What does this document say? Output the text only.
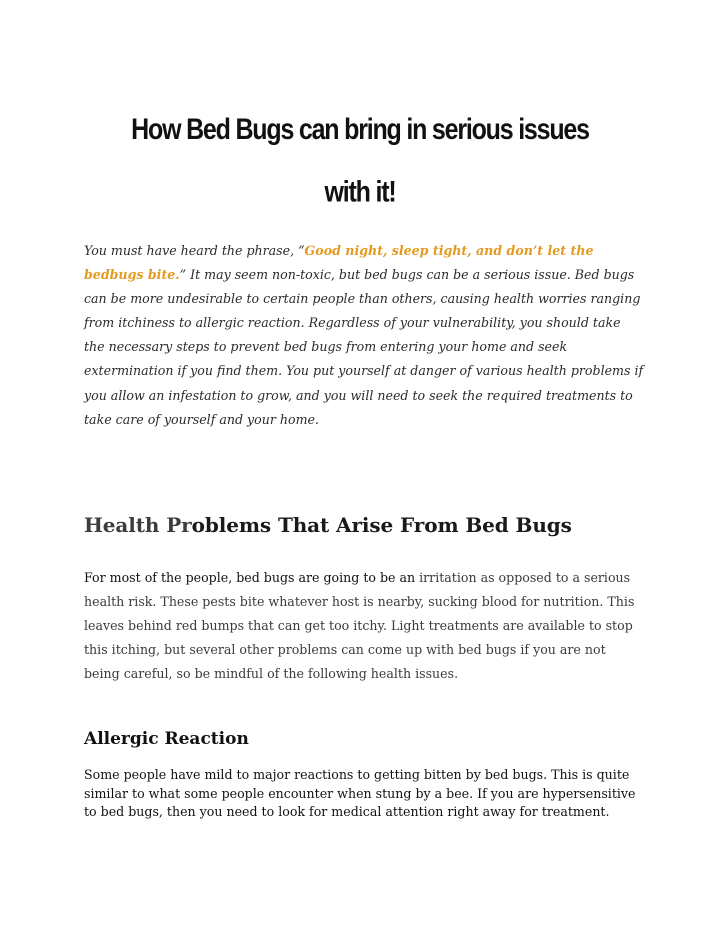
How Bed Bugs can bring in serious issues
with it!

You must have heard the phrase, “Good night, sleep tight, and don’t let the bedbugs bite.” It may seem non-toxic, but bed bugs can be a serious issue. Bed bugs can be more undesirable to certain people than others, causing health worries ranging from itchiness to allergic reaction. Regardless of your vulnerability, you should take the necessary steps to prevent bed bugs from entering your home and seek extermination if you find them. You put yourself at danger of various health problems if you allow an infestation to grow, and you will need to seek the required treatments to take care of yourself and your home.

Health Problems That Arise From Bed Bugs

For most of the people, bed bugs are going to be an irritation as opposed to a serious health risk. These pests bite whatever host is nearby, sucking blood for nutrition. This leaves behind red bumps that can get too itchy. Light treatments are available to stop this itching, but several other problems can come up with bed bugs if you are not being careful, so be mindful of the following health issues.

Allergic Reaction

Some people have mild to major reactions to getting bitten by bed bugs. This is quite similar to what some people encounter when stung by a bee. If you are hypersensitive to bed bugs, then you need to look for medical attention right away for treatment.
